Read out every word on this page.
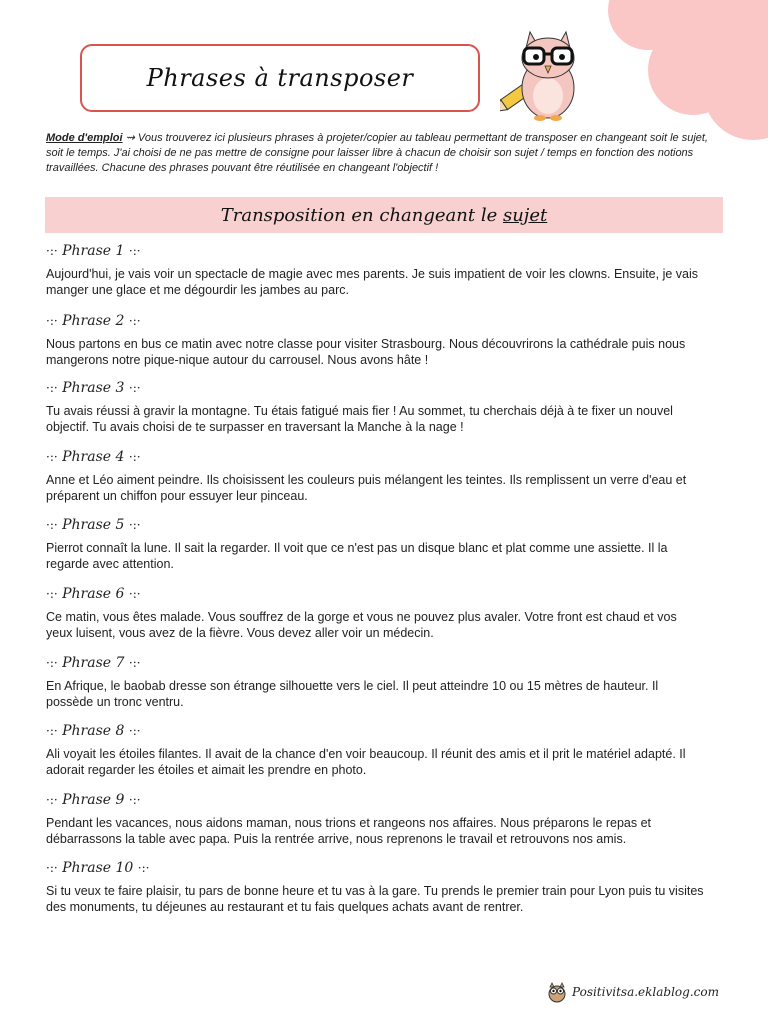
Phrases à transposer
Mode d'emploi ⇝ Vous trouverez ici plusieurs phrases à projeter/copier au tableau permettant de transposer en changeant soit le sujet, soit le temps. J'ai choisi de ne pas mettre de consigne pour laisser libre à chacun de choisir son sujet / temps en fonction des notions travaillées. Chacune des phrases pouvant être réutilisée en changeant l'objectif !
Transposition en changeant le sujet
·:· Phrase 1 ·:·
Aujourd'hui, je vais voir un spectacle de magie avec mes parents. Je suis impatient de voir les clowns. Ensuite, je vais manger une glace et me dégourdir les jambes au parc.
·:· Phrase 2 ·:·
Nous partons en bus ce matin avec notre classe pour visiter Strasbourg. Nous découvrirons la cathédrale puis nous mangerons notre pique-nique autour du carrousel. Nous avons hâte !
·:· Phrase 3 ·:·
Tu avais réussi à gravir la montagne. Tu étais fatigué mais fier ! Au sommet, tu cherchais déjà à te fixer un nouvel objectif. Tu avais choisi de te surpasser en traversant la Manche à la nage !
·:· Phrase 4 ·:·
Anne et Léo aiment peindre. Ils choisissent les couleurs puis mélangent les teintes. Ils remplissent un verre d'eau et préparent un chiffon pour essuyer leur pinceau.
·:· Phrase 5 ·:·
Pierrot connaît la lune. Il sait la regarder. Il voit que ce n'est pas un disque blanc et plat comme une assiette. Il la regarde avec attention.
·:· Phrase 6 ·:·
Ce matin, vous êtes malade. Vous souffrez de la gorge et vous ne pouvez plus avaler. Votre front est chaud et vos yeux luisent, vous avez de la fièvre. Vous devez aller voir un médecin.
·:· Phrase 7 ·:·
En Afrique, le baobab dresse son étrange silhouette vers le ciel. Il peut atteindre 10 ou 15 mètres de hauteur. Il possède un tronc ventru.
·:· Phrase 8 ·:·
Ali voyait les étoiles filantes. Il avait de la chance d'en voir beaucoup. Il réunit des amis et il prit le matériel adapté. Il adorait regarder les étoiles et aimait les prendre en photo.
·:· Phrase 9 ·:·
Pendant les vacances, nous aidons maman, nous trions et rangeons nos affaires. Nous préparons le repas et débarrassons la table avec papa. Puis la rentrée arrive, nous reprenons le travail et retrouvons nos amis.
·:· Phrase 10 ·:·
Si tu veux te faire plaisir, tu pars de bonne heure et tu vas à la gare. Tu prends le premier train pour Lyon puis tu visites des monuments, tu déjeunes au restaurant et tu fais quelques achats avant de rentrer.
Positivitsa.eklablog.com
